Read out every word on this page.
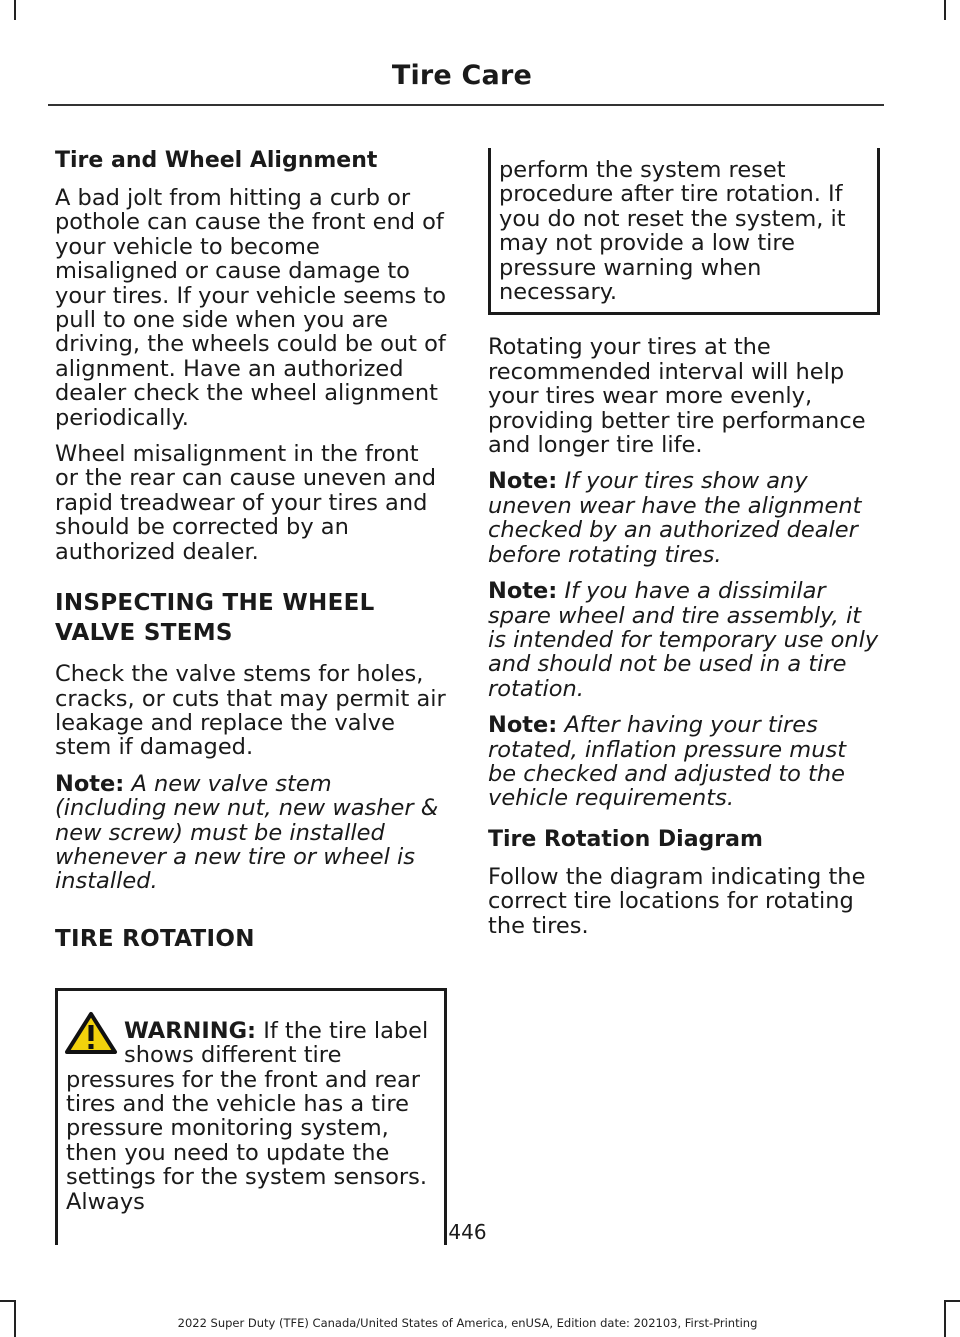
Tire Care
Tire and Wheel Alignment

A bad jolt from hitting a curb or pothole can cause the front end of your vehicle to become misaligned or cause damage to your tires. If your vehicle seems to pull to one side when you are driving, the wheels could be out of alignment. Have an authorized dealer check the wheel alignment periodically.

Wheel misalignment in the front or the rear can cause uneven and rapid treadwear of your tires and should be corrected by an authorized dealer.

INSPECTING THE WHEEL VALVE STEMS

Check the valve stems for holes, cracks, or cuts that may permit air leakage and replace the valve stem if damaged.

Note: A new valve stem (including new nut, new washer & new screw) must be installed whenever a new tire or wheel is installed.

TIRE ROTATION

WARNING: If the tire label shows different tire pressures for the front and rear tires and the vehicle has a tire pressure monitoring system, then you need to update the settings for the system sensors. Always

perform the system reset procedure after tire rotation. If you do not reset the system, it may not provide a low tire pressure warning when necessary.

Rotating your tires at the recommended interval will help your tires wear more evenly, providing better tire performance and longer tire life.

Note: If your tires show any uneven wear have the alignment checked by an authorized dealer before rotating tires.

Note: If you have a dissimilar spare wheel and tire assembly, it is intended for temporary use only and should not be used in a tire rotation.

Note: After having your tires rotated, inflation pressure must be checked and adjusted to the vehicle requirements.

Tire Rotation Diagram

Follow the diagram indicating the correct tire locations for rotating the tires.

446
2022 Super Duty (TFE) Canada/United States of America, enUSA, Edition date: 202103, First-Printing
